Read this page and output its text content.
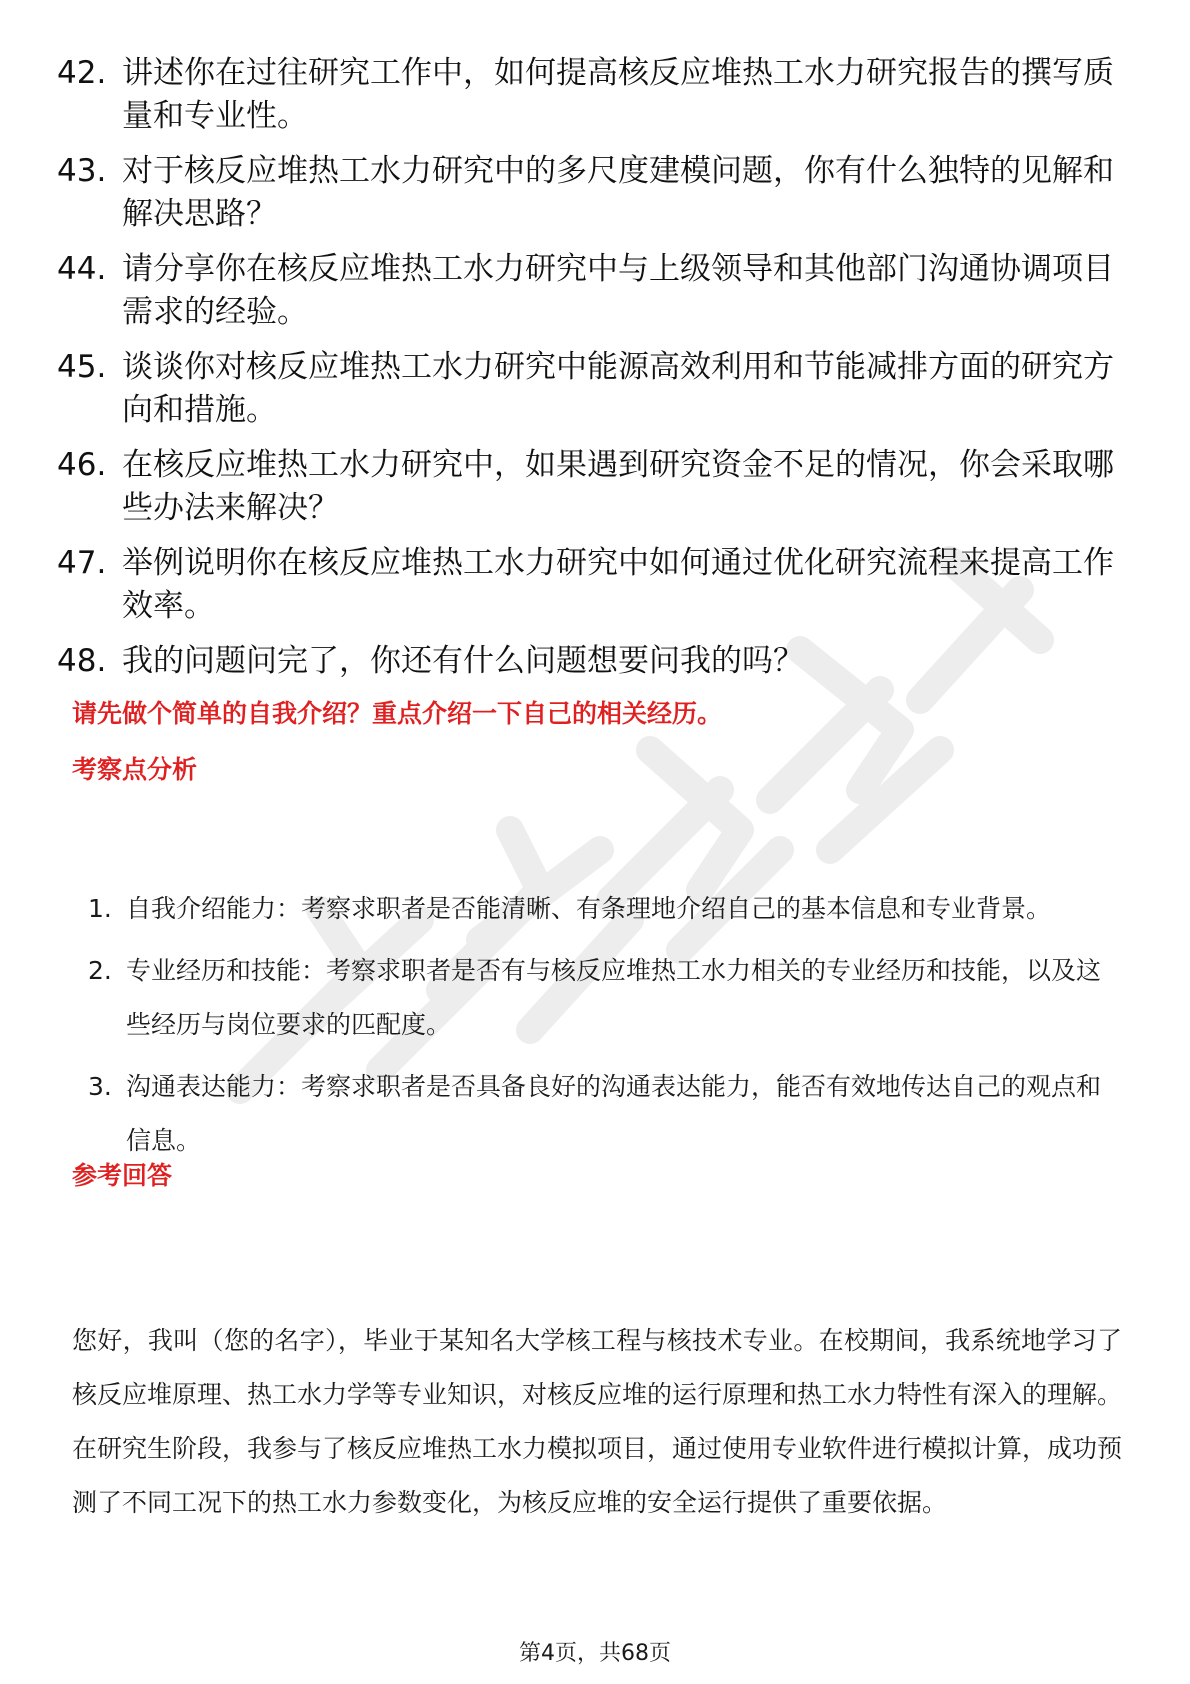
42. 讲述你在过往研究工作中，如何提高核反应堆热工水力研究报告的撰写质量和专业性。
43. 对于核反应堆热工水力研究中的多尺度建模问题，你有什么独特的见解和解决思路？
44. 请分享你在核反应堆热工水力研究中与上级领导和其他部门沟通协调项目需求的经验。
45. 谈谈你对核反应堆热工水力研究中能源高效利用和节能减排方面的研究方向和措施。
46. 在核反应堆热工水力研究中，如果遇到研究资金不足的情况，你会采取哪些办法来解决？
47. 举例说明你在核反应堆热工水力研究中如何通过优化研究流程来提高工作效率。
48. 我的问题问完了，你还有什么问题想要问我的吗？
请先做个简单的自我介绍？重点介绍一下自己的相关经历。
考察点分析
1. 自我介绍能力：考察求职者是否能清晰、有条理地介绍自己的基本信息和专业背景。
2. 专业经历和技能：考察求职者是否有与核反应堆热工水力相关的专业经历和技能，以及这些经历与岗位要求的匹配度。
3. 沟通表达能力：考察求职者是否具备良好的沟通表达能力，能否有效地传达自己的观点和信息。
参考回答
您好，我叫（您的名字），毕业于某知名大学核工程与核技术专业。在校期间，我系统地学习了核反应堆原理、热工水力学等专业知识，对核反应堆的运行原理和热工水力特性有深入的理解。在研究生阶段，我参与了核反应堆热工水力模拟项目，通过使用专业软件进行模拟计算，成功预测了不同工况下的热工水力参数变化，为核反应堆的安全运行提供了重要依据。
第4页，共68页
